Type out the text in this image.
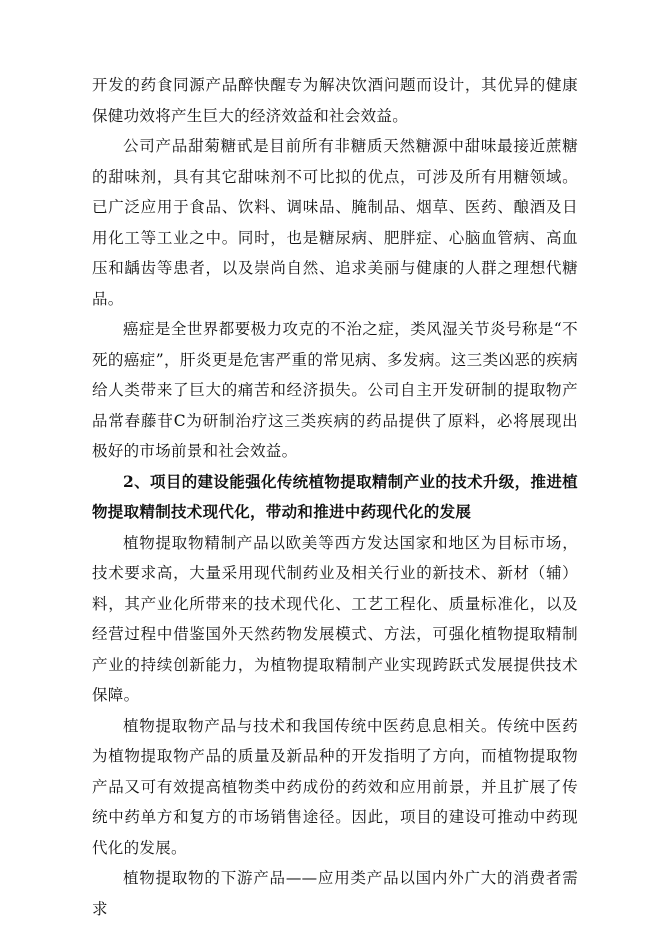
开发的药食同源产品醉快醒专为解决饮酒问题而设计，其优异的健康保健功效将产生巨大的经济效益和社会效益。

公司产品甜菊糖甙是目前所有非糖质天然糖源中甜味最接近蔗糖的甜味剂，具有其它甜味剂不可比拟的优点，可涉及所有用糖领域。已广泛应用于食品、饮料、调味品、腌制品、烟草、医药、酿酒及日用化工等工业之中。同时，也是糖尿病、肥胖症、心脑血管病、高血压和龋齿等患者，以及崇尚自然、追求美丽与健康的人群之理想代糖品。

癌症是全世界都要极力攻克的不治之症，类风湿关节炎号称是“不死的癌症”，肝炎更是危害严重的常见病、多发病。这三类凶恶的疾病给人类带来了巨大的痛苦和经济损失。公司自主开发研制的提取物产品常春藤苷C为研制治疗这三类疾病的药品提供了原料，必将展现出极好的市场前景和社会效益。

2、项目的建设能强化传统植物提取精制产业的技术升级，推进植物提取精制技术现代化，带动和推进中药现代化的发展

植物提取物精制产品以欧美等西方发达国家和地区为目标市场，技术要求高，大量采用现代制药业及相关行业的新技术、新材（辅）料，其产业化所带来的技术现代化、工艺工程化、质量标准化，以及经营过程中借鉴国外天然药物发展模式、方法，可强化植物提取精制产业的持续创新能力，为植物提取精制产业实现跨跃式发展提供技术保障。

植物提取物产品与技术和我国传统中医药息息相关。传统中医药为植物提取物产品的质量及新品种的开发指明了方向，而植物提取物产品又可有效提高植物类中药成份的药效和应用前景，并且扩展了传统中药单方和复方的市场销售途径。因此，项目的建设可推动中药现代化的发展。

植物提取物的下游产品——应用类产品以国内外广大的消费者需求
